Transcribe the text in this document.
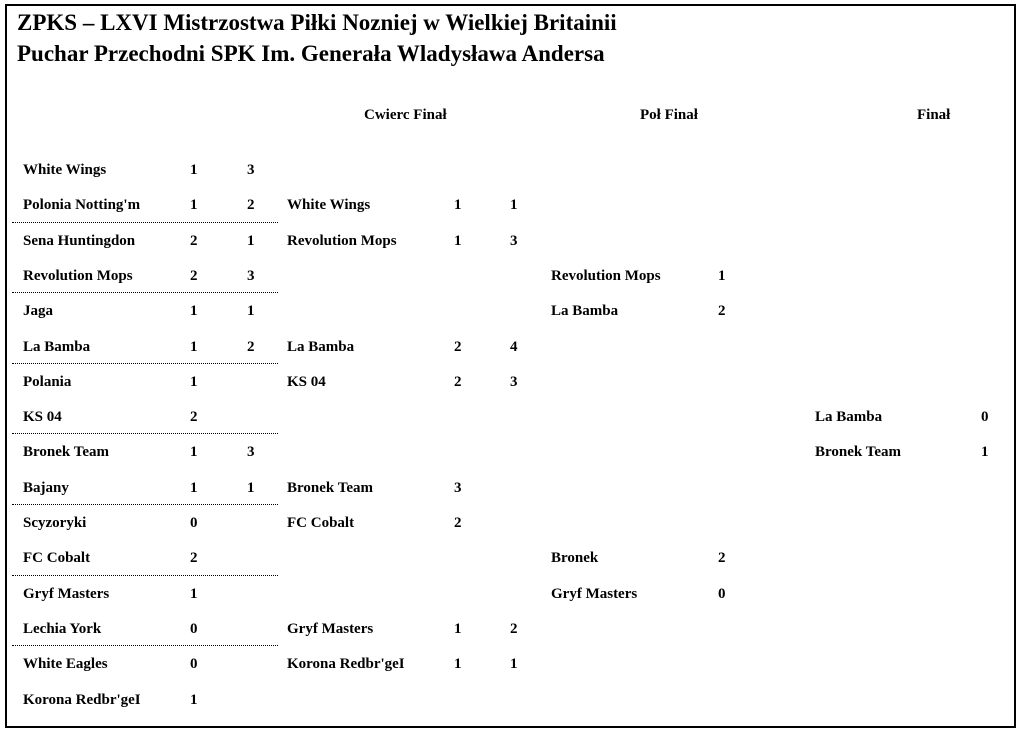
ZPKS – LXVI Mistrzostwa Piłki Nozniej w Wielkiej Britainii
Puchar Przechodni SPK Im. Generała Wladysława Andersa
Cwierc Finał	Poł Finał	Finał
White Wings	1	3
Polonia Notting'm	1	2
Sena Huntingdon	2	1
Revolution Mops	2	3
Jaga	1	1
La Bamba	1	2
Polania	1
KS 04	2
Bronek Team	1	3
Bajany	1	1
Scyzoryki	0
FC Cobalt	2
Gryf Masters	1
Lechia York	0
White Eagles	0
Korona Redbr'geI	1
White Wings	1	1
Revolution Mops	1	3
La Bamba	2	4
KS 04	2	3
Bronek Team	3
FC Cobalt	2
Gryf Masters	1	2
Korona Redbr'geI	1	1
Revolution Mops	1
La Bamba	2
Bronek	2
Gryf Masters	0
La Bamba	0
Bronek Team	1
